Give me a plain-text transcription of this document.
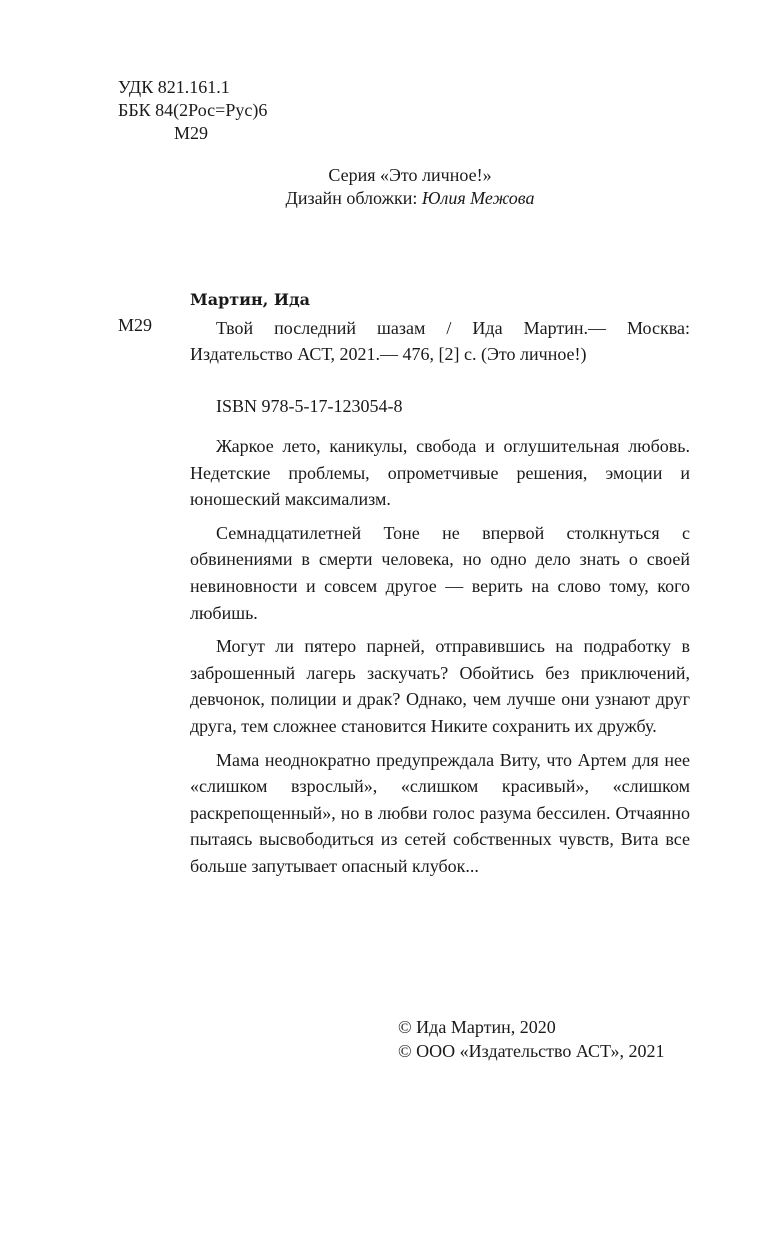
УДК 821.161.1
ББК 84(2Рос=Рус)6
М29
Серия «Это личное!»
Дизайн обложки: Юлия Межова
Мартин, Ида
М29	Твой последний шазам / Ида Мартин.— Москва: Издательство АСТ, 2021.— 476, [2] с. (Это личное!)
ISBN 978-5-17-123054-8

Жаркое лето, каникулы, свобода и оглушительная любовь. Недетские проблемы, опрометчивые решения, эмоции и юношеский максимализм.

Семнадцатилетней Тоне не впервой столкнуться с обвинениями в смерти человека, но одно дело знать о своей невиновности и совсем другое — верить на слово тому, кого любишь.

Могут ли пятеро парней, отправившись на подработку в заброшенный лагерь заскучать? Обойтись без приключений, девчонок, полиции и драк? Однако, чем лучше они узнают друг друга, тем сложнее становится Никите сохранить их дружбу.

Мама неоднократно предупреждала Виту, что Артем для нее «слишком взрослый», «слишком красивый», «слишком раскрепощенный», но в любви голос разума бессилен. Отчаянно пытаясь высвободиться из сетей собственных чувств, Вита все больше запутывает опасный клубок...

© Ида Мартин, 2020
© ООО «Издательство АСТ», 2021
